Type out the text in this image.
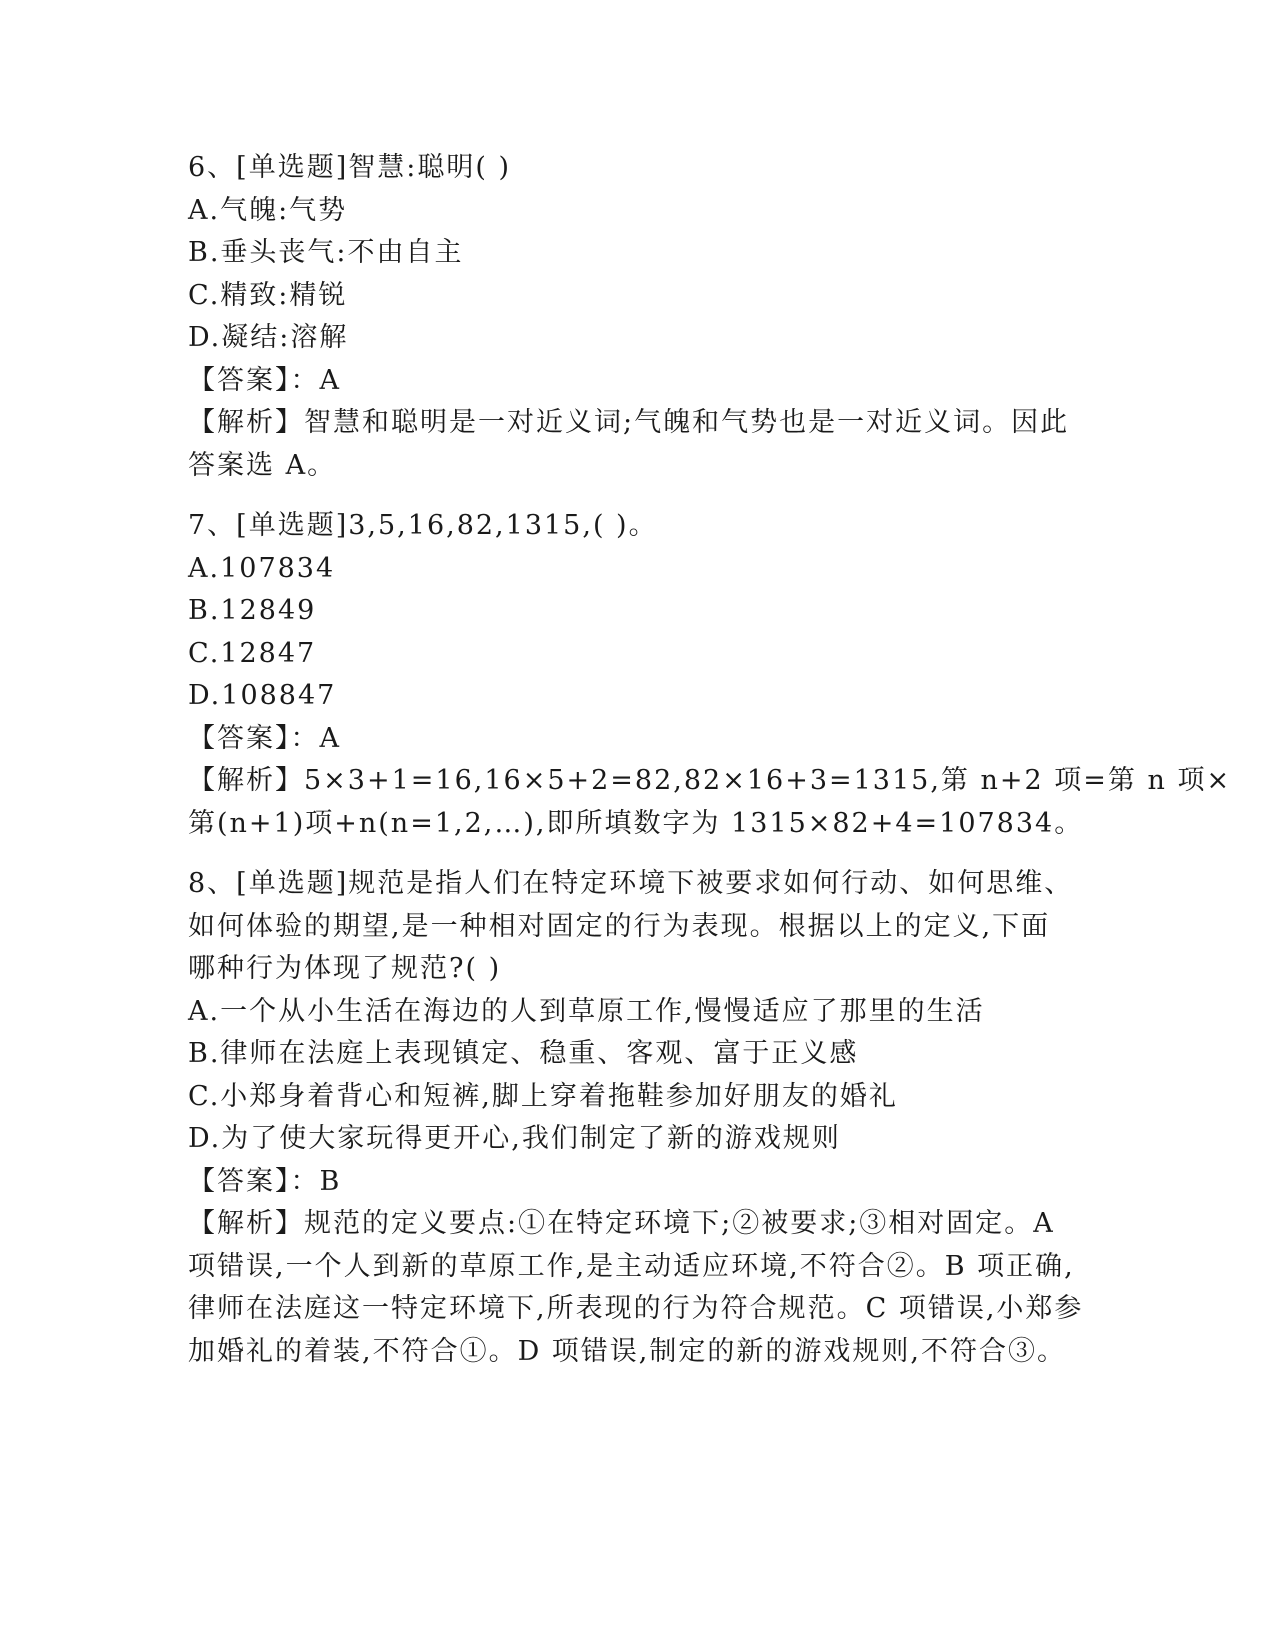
6、[单选题]智慧:聪明( )
A.气魄:气势
B.垂头丧气:不由自主
C.精致:精锐
D.凝结:溶解
【答案】：A
【解析】智慧和聪明是一对近义词;气魄和气势也是一对近义词。因此
答案选 A。
7、[单选题]3,5,16,82,1315,( )。
A.107834
B.12849
C.12847
D.108847
【答案】：A
【解析】5×3+1=16,16×5+2=82,82×16+3=1315,第 n+2 项=第 n 项×
第(n+1)项+n(n=1,2,…),即所填数字为 1315×82+4=107834。
8、[单选题]规范是指人们在特定环境下被要求如何行动、如何思维、
如何体验的期望,是一种相对固定的行为表现。根据以上的定义,下面
哪种行为体现了规范?( )
A.一个从小生活在海边的人到草原工作,慢慢适应了那里的生活
B.律师在法庭上表现镇定、稳重、客观、富于正义感
C.小郑身着背心和短裤,脚上穿着拖鞋参加好朋友的婚礼
D.为了使大家玩得更开心,我们制定了新的游戏规则
【答案】：B
【解析】规范的定义要点:①在特定环境下;②被要求;③相对固定。A
项错误,一个人到新的草原工作,是主动适应环境,不符合②。B 项正确,
律师在法庭这一特定环境下,所表现的行为符合规范。C 项错误,小郑参
加婚礼的着装,不符合①。D 项错误,制定的新的游戏规则,不符合③。
